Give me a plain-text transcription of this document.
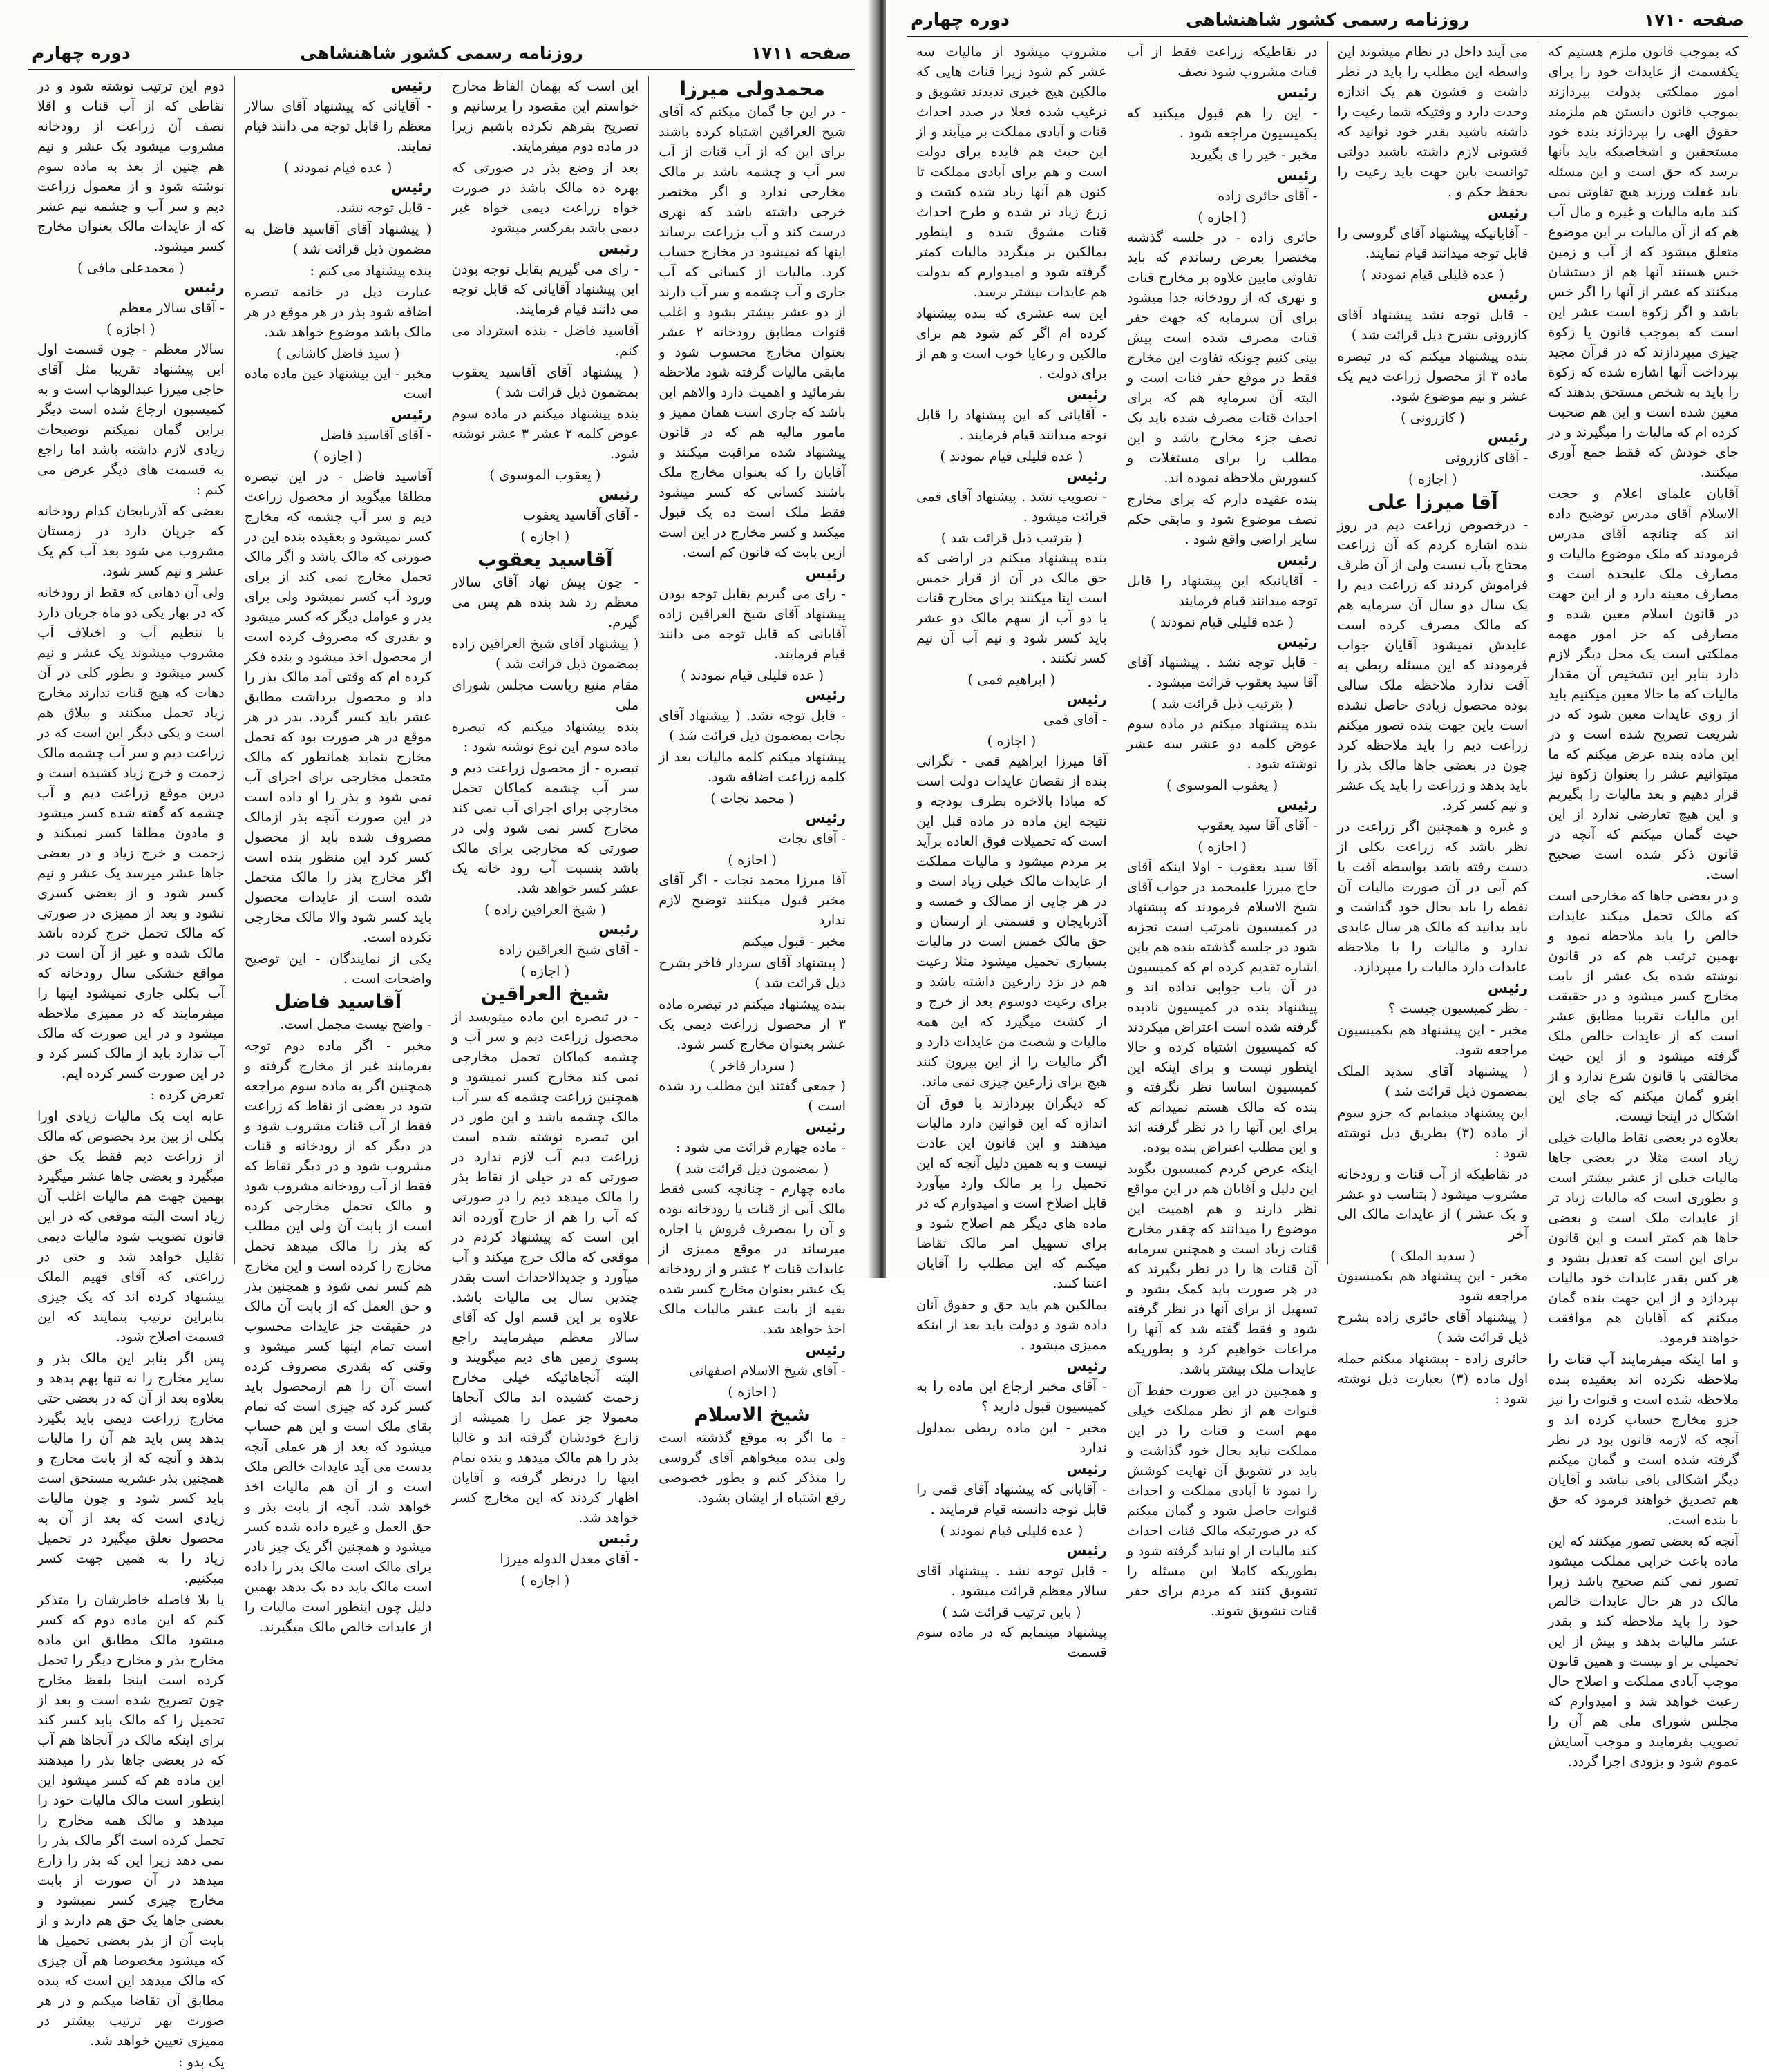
صفحه ۱۷۱۱
روزنامه رسمی کشور شاهنشاهی
دوره چهارم
محمدولی میرزا

- در این جا گمان میکنم که آقای شیخ العراقین اشتباه کرده باشند برای این که از آب قنات از آب سر آب و چشمه باشد بر مالک مخارجی ندارد و اگر مختصر خرجی داشته باشد که نهری درست کند و آب بزراعت برساند اینها که نمیشود در مخارج حساب کرد. مالیات از کسانی که آب جاری و آب چشمه و سر آب دارند از دو عشر بیشتر بشود و اغلب قنوات مطابق رودخانه ۲ عشر بعنوان مخارج محسوب شود و مابقی مالیات گرفته شود ملاحظه بفرمائید و اهمیت دارد والاهم این باشد که جاری است همان ممیز و مامور مالیه هم که در قانون پیشنهاد شده مراقبت میکنند و آقایان را که بعنوان مخارج ملک باشند کسانی که کسر میشود فقط ملک است ده یک قبول میکنند و کسر مخارج در این است ازین بابت که قانون کم است.

رئیس

- رای می گیریم بقابل توجه بودن پیشنهاد آقای شیخ العراقین زاده آقایانی که قابل توجه می دانند قیام فرمایند.

( عده قلیلی قیام نمودند )
رئیس

- قابل توجه نشد. ( پیشنهاد آقای نجات بمضمون ذیل قرائت شد )

پیشنهاد میکنم کلمه مالیات بعد از کلمه زراعت اضافه شود.

( محمد نجات )
رئیس

- آقای نجات

( اجازه )

آقا میرزا محمد نجات - اگر آقای مخبر قبول میکنند توضیح لازم ندارد

مخبر - قبول میکنم

( پیشنهاد آقای سردار فاخر بشرح ذیل قرائت شد )

بنده پیشنهاد میکنم در تبصره ماده ۳ از محصول زراعت دیمی یک عشر بعنوان مخارج کسر شود.

( سردار فاخر )

( جمعی گفتند این مطلب رد شده است )

رئیس

- ماده چهارم قرائت می شود :

( بمضمون ذیل قرائت شد )

ماده چهارم - چنانچه کسی فقط مالک آبی از قنات یا رودخانه بوده و آن را بمصرف فروش یا اجاره میرساند در موقع ممیزی از عایدات قنات ۲ عشر و از رودخانه یک عشر بعنوان مخارج کسر شده بقیه از بابت عشر مالیات مالک اخذ خواهد شد.

رئیس

- آقای شیخ الاسلام اصفهانی

( اجازه )
شیخ الاسلام

- ما اگر به موقع گذشته است ولی بنده میخواهم آقای گروسی را متذکر کنم و بطور خصوصی رفع اشتباه از ایشان بشود.

این است که بهمان الفاظ مخارج خواستم این مقصود را برسانیم و تصریح بقرهم نکرده باشیم زیرا در ماده دوم میفرمایند.

بعد از وضع بذر در صورتی که بهره ده مالک باشد در صورت خواه زراعت دیمی خواه غیر دیمی باشد بقرکسر میشود

رئیس

- رای می گیریم بقابل توجه بودن این پیشنهاد آقایانی که قابل توجه می دانند قیام فرمایند.

آقاسید فاضل - بنده استرداد می کنم.

( پیشنهاد آقای آقاسید یعقوب بمضمون ذیل قرائت شد )

بنده پیشنهاد میکنم در ماده سوم عوض کلمه ۲ عشر ۳ عشر نوشته شود.

( یعقوب الموسوی )
رئیس

- آقای آقاسید یعقوب

( اجازه )
آقاسید یعقوب

- چون پیش نهاد آقای سالار معظم رد شد بنده هم پس می گیرم.

( پیشنهاد آقای شیخ العراقین زاده بمضمون ذیل قرائت شد )

مقام منیع ریاست مجلس شورای ملی

بنده پیشنهاد میکنم که تبصره ماده سوم این نوع نوشته شود :

تبصره - از محصول زراعت دیم و سر آب چشمه کماکان تحمل مخارجی برای اجرای آب نمی کند مخارج کسر نمی شود ولی در صورتی که مخارجی برای مالک باشد بنسبت آب رود خانه یک عشر کسر خواهد شد.

( شیخ العراقین زاده )
رئیس

- آقای شیخ العراقین زاده

( اجازه )
شیخ العراقین

- در تبصره این ماده مینویسد از محصول زراعت دیم و سر آب و چشمه کماکان تحمل مخارجی نمی کند مخارج کسر نمیشود و همچنین زراعت چشمه که سر آب مالک چشمه باشد و این طور در این تبصره نوشته شده است زراعت دیم آب لازم ندارد در صورتی که در خیلی از نقاط بذر را مالک میدهد دیم را در صورتی که آب را هم از خارج آورده اند این است که پیشنهاد کردم در موقعی که مالک خرج میکند و آب میآورد و جدیدالاحداث است بقدر چندین سال بی مالیات باشد. علاوه بر این قسم اول که آقای سالار معظم میفرمایند راجع بسوی زمین های دیم میگویند و البته آنجاهائیکه خیلی مخارج زحمت کشیده اند مالک آنجاها معمولا جز عمل را همیشه از زارع خودشان گرفته اند و غالبا بذر را هم مالک میدهد و بنده تمام اینها را درنظر گرفته و آقایان اظهار کردند که این مخارج کسر خواهد شد.

رئیس

- آقای معدل الدوله میرزا

( اجازه )
رئیس

- آقایانی که پیشنهاد آقای سالار معظم را قابل توجه می دانند قیام نمایند.

( عده قیام نمودند )
رئیس

- قابل توجه نشد.

( پیشنهاد آقای آقاسید فاضل به مضمون ذیل قرائت شد )

بنده پیشنهاد می کنم :

عبارت ذیل در خاتمه تبصره اضافه شود بذر در هر موقع در هر مالک باشد موضوع خواهد شد.

( سید فاضل کاشانی )

مخبر - این پیشنهاد عین ماده ماده است

رئیس

- آقای آقاسید فاضل

( اجازه )

آقاسید فاضل - در این تبصره مطلقا میگوید از محصول زراعت دیم و سر آب چشمه که مخارج کسر نمیشود و بعقیده بنده این در صورتی که مالک باشد و اگر مالک تحمل مخارج نمی کند از برای ورود آب کسر نمیشود ولی برای بذر و عوامل دیگر که کسر میشود و بقدری که مصروف کرده است از محصول اخذ میشود و بنده فکر کرده ام که وقتی آمد مالک بذر را داد و محصول برداشت مطابق عشر باید کسر گردد. بذر در هر موقع در هر صورت بود که تحمل مخارج بنماید همانطور که مالک متحمل مخارجی برای اجرای آب نمی شود و بذر را او داده است در این صورت آنچه بذر ازمالک مصروف شده باید از محصول کسر کرد این منظور بنده است اگر مخارج بذر را مالک متحمل شده است از عایدات محصول باید کسر شود والا مالک مخارجی نکرده است.

یکی از نمایندگان - این توضیح واضحات است .

آقاسید فاضل

- واضح نیست مجمل است.

مخبر - اگر ماده دوم توجه بفرمایند غیر از مخارج گرفته و همچنین اگر به ماده سوم مراجعه شود در بعضی از نقاط که زراعت فقط از آب قنات مشروب شود و در دیگر که از رودخانه و قنات مشروب شود و در دیگر نقاط که فقط از آب رودخانه مشروب شود و مالک تحمل مخارجی کرده است از بابت آن ولی این مطلب که بذر را مالک میدهد تحمل مخارج را کرده است و این مخارج هم کسر نمی شود و همچنین بذر و حق العمل که از بابت آن مالک در حقیقت جز عایدات محسوب است تمام اینها کسر میشود و وقتی که بقدری مصروف کرده است آن را هم ازمحصول باید کسر کرد که چیزی است که تمام بقای ملک است و این هم حساب میشود که بعد از هر عملی آنچه بدست می آید عایدات خالص ملک است و از آن هم مالیات اخذ خواهد شد. آنچه از بابت بذر و حق العمل و غیره داده شده کسر میشود و همچنین اگر یک چیز نادر برای مالک است مالک بذر را داده است مالک باید ده یک بدهد بهمین دلیل چون اینطور است مالیات را از عایدات خالص مالک میگیرند.

دوم این ترتیب نوشته شود و در نقاطی که از آب قنات و اقلا نصف آن زراعت از رودخانه مشروب میشود یک عشر و نیم هم چنین از بعد به ماده سوم نوشته شود و از معمول زراعت دیم و سر آب و چشمه نیم عشر که از عایدات مالک بعنوان مخارج کسر میشود.

( محمدعلی مافی )
رئیس

- آقای سالار معظم

( اجازه )

سالار معظم - چون قسمت اول این پیشنهاد تقریبا مثل آقای حاجی میرزا عبدالوهاب است و به کمیسیون ارجاع شده است دیگر براین گمان نمیکنم توضیحات زیادی لازم داشته باشد اما راجع به قسمت های دیگر عرض می کنم :

بعضی که آذربایجان کدام رودخانه که جریان دارد در زمستان مشروب می شود بعد آب کم یک عشر و نیم کسر شود.

ولی آن دهاتی که فقط از رودخانه که در بهار یکی دو ماه جریان دارد با تنظیم آب و اختلاف آب مشروب میشوند یک عشر و نیم کسر میشود و بطور کلی در آن دهات که هیچ قنات ندارند مخارج زیاد تحمل میکنند و بیلاق هم است و یکی دیگر این است که در زراعت دیم و سر آب چشمه مالک زحمت و خرج زیاد کشیده است و درین موقع زراعت دیم و آب چشمه که گفته شده کسر میشود و مادون مطلقا کسر نمیکند و زحمت و خرج زیاد و در بعضی جاها عشر میرسد یک عشر و نیم کسر شود و از بعضی کسری نشود و بعد از ممیزی در صورتی که مالک تحمل خرج کرده باشد مالک شده و غیر از آن است در مواقع خشکی سال رودخانه که آب بکلی جاری نمیشود اینها را میفرمایند که در ممیزی ملاحظه میشود و در این صورت که مالک آب ندارد باید از مالک کسر کرد و در این صورت کسر کرده ایم.

تعرض کرده :

عابه ایت یک مالیات زیادی اورا بکلی از بین برد بخصوص که مالک از زراعت دیم فقط یک حق میگیرد و بعضی جاها عشر میگیرد بهمین جهت هم مالیات اغلب آن زیاد است البته موقعی که در این قانون تصویب شود مالیات دیمی تقلیل خواهد شد و حتی در زراعتی که آقای قهیم الملک پیشنهاد کرده اند که یک چیزی بنابراین ترتیب بنمایند که این قسمت اصلاح شود.

پس اگر بنابر این مالک بذر و سایر مخارج را نه تنها بهم بدهد و بعلاوه بعد از آن که در بعضی حتی مخارج زراعت دیمی باید بگیرد بدهد پس باید هم آن را مالیات بدهد و آنچه که از بابت مخارج و همچنین بذر عشریه مستحق است باید کسر شود و چون مالیات زیادی است که بعد از آن به محصول تعلق میگیرد در تحمیل زیاد را به همین جهت کسر میکنیم.

یا بلا فاصله خاطرشان را متذکر کنم که این ماده دوم که کسر میشود مالک مطابق این ماده مخارج بذر و مخارج دیگر را تحمل کرده است اینجا بلفظ مخارج چون تصریح شده است و بعد از تحمیل را که مالک باید کسر کند برای اینکه مالک در آنجاها هم آب که در بعضی جاها بذر را میدهند این ماده هم که کسر میشود این اینطور است مالک مالیات خود را میدهد و مالک همه مخارج را تحمل کرده است اگر مالک بذر را نمی دهد زیرا این که بذر را زارع میدهد در آن صورت از بابت مخارج چیزی کسر نمیشود و بعضی جاها یک حق هم دارند و از بابت آن از بذر بعضی تحمیل ها که میشود مخصوصا هم آن چیزی که مالک میدهد این است که بنده مطابق آن تقاضا میکنم و در هر صورت بهر ترتیب بیشتر در ممیزی تعیین خواهد شد.

یک بدو :

صفحه ۱۷۱۰
روزنامه رسمی کشور شاهنشاهی
دوره چهارم

که بموجب قانون ملزم هستیم که یکقسمت از عایدات خود را برای امور مملکتی بدولت بپردازند بموجب قانون دانستن هم ملزمند حقوق الهی را بپردازند بنده خود مستحقین و اشخاصیکه باید بآنها برسد که حق است و این مسئله باید غفلت ورزید هیچ تفاوتی نمی کند مایه مالیات و غیره و مال آب هم که از آن مالیات بر این موضوع متعلق میشود که از آب و زمین خس هستند آنها هم از دستشان میکنند که عشر از آنها را اگر خس باشد و اگر زکوة است عشر این است که بموجب قانون یا زکوة چیزی میپردازند که در قرآن مجید بپرداخت آنها اشاره شده که زکوة را باید به شخص مستحق بدهند که معین شده است و این هم صحبت کرده ام که مالیات را میگیرند و در جای خودش که فقط جمع آوری میکنند.

آقایان علمای اعلام و حجت الاسلام آقای مدرس توضیح داده اند که چنانچه آقای مدرس فرمودند که ملک موضوع مالیات و مصارف ملک علیحده است و مصارف معینه دارد و از این جهت در قانون اسلام معین شده و مصارفی که جز امور مهمه مملکتی است یک محل دیگر لازم دارد بنابر این تشخیص آن مقدار مالیات که ما حالا معین میکنیم باید از روی عایدات معین شود که در شریعت تصریح شده است و در این ماده بنده عرض میکنم که ما میتوانیم عشر را بعنوان زکوة نیز قرار دهیم و بعد مالیات را بگیریم و این هیچ تعارضی ندارد از این حیث گمان میکنم که آنچه در قانون ذکر شده است صحیح است.

و در بعضی جاها که مخارجی است که مالک تحمل میکند عایدات خالص را باید ملاحظه نمود و بهمین ترتیب هم که در قانون نوشته شده یک عشر از بابت مخارج کسر میشود و در حقیقت این مالیات تقریبا مطابق عشر است که از عایدات خالص ملک گرفته میشود و از این حیث مخالفتی با قانون شرع ندارد و از اینرو گمان میکنم که جای این اشکال در اینجا نیست.

بعلاوه در بعضی نقاط مالیات خیلی زیاد است مثلا در بعضی جاها مالیات خیلی از عشر بیشتر است و بطوری است که مالیات زیاد تر از عایدات ملک است و بعضی جاها هم کمتر است و این قانون برای این است که تعدیل بشود و هر کس بقدر عایدات خود مالیات بپردازد و از این جهت بنده گمان میکنم که آقایان هم موافقت خواهند فرمود.

و اما اینکه میفرمایند آب قنات را ملاحظه نکرده اند بعقیده بنده ملاحظه شده است و قنوات را نیز جزو مخارج حساب کرده اند و آنچه که لازمه قانون بود در نظر گرفته شده است و گمان میکنم دیگر اشکالی باقی نباشد و آقایان هم تصدیق خواهند فرمود که حق با بنده است.

آنچه که بعضی تصور میکنند که این ماده باعث خرابی مملکت میشود تصور نمی کنم صحیح باشد زیرا مالک در هر حال عایدات خالص خود را باید ملاحظه کند و بقدر عشر مالیات بدهد و بیش از این تحمیلی بر او نیست و همین قانون موجب آبادی مملکت و اصلاح حال رعیت خواهد شد و امیدوارم که مجلس شورای ملی هم آن را تصویب بفرمایند و موجب آسایش عموم شود و بزودی اجرا گردد.

می آیند داخل در نظام میشوند این واسطه این مطلب را باید در نظر داشت و قشون هم یک اندازه وحدت دارد و وقتیکه شما رعیت را داشته باشید بقدر خود نوانید که قشونی لازم داشته باشید دولتی توانست باین جهت باید رعیت را بحفظ حکم و .

رئیس

- آقایانیکه پیشنهاد آقای گروسی را قابل توجه میدانند قیام نمایند.

( عده قلیلی قیام نمودند )
رئیس

- قابل توجه نشد پیشنهاد آقای کازرونی بشرح ذیل قرائت شد )

بنده پیشنهاد میکنم که در تبصره ماده ۳ از محصول زراعت دیم یک عشر و نیم موضوع شود.

( کازرونی )
رئیس

- آقای کازرونی

( اجازه )
آقا میرزا علی

- درخصوص زراعت دیم در روز بنده اشاره کردم که آن زراعت محتاج بآب نیست ولی از آن طرف فراموش کردند که زراعت دیم را یک سال دو سال آن سرمایه هم که مالک مصرف کرده است عایدش نمیشود آقایان جواب فرمودند که این مسئله ربطی به آفت ندارد ملاحظه ملک سالی بوده محصول زیادی حاصل نشده است باین جهت بنده تصور میکنم زراعت دیم را باید ملاحظه کرد چون در بعضی جاها مالک بذر را باید بدهد و زراعت را باید یک عشر و نیم کسر کرد.

و غیره و همچنین اگر زراعت در نظر باشد که زراعت بکلی از دست رفته باشد بواسطه آفت یا کم آبی در آن صورت مالیات آن نقطه را باید بحال خود گذاشت و باید بدانید که مالک هر سال عایدی ندارد و مالیات را با ملاحظه عایدات دارد مالیات را میپردازد.

رئیس

- نظر کمیسیون چیست ؟

مخبر - این پیشنهاد هم بکمیسیون مراجعه شود.

( پیشنهاد آقای سدید الملک بمضمون ذیل قرائت شد )

این پیشنهاد مینمایم که جزو سوم از ماده (۳) بطریق ذیل نوشته شود :

در نقاطیکه از آب قنات و رودخانه مشروب میشود ( بتناسب دو عشر و یک عشر ) از عایدات مالک الی آخر

( سدید الملک )

مخبر - این پیشنهاد هم بکمیسیون مراجعه شود

( پیشنهاد آقای حائری زاده بشرح ذیل قرائت شد )

حائری زاده - پیشنهاد میکنم جمله اول ماده (۳) بعبارت ذیل نوشته شود :

در نقاطیکه زراعت فقط از آب قنات مشروب شود نصف

رئیس

- این را هم قبول میکنید که بکمیسیون مراجعه شود .

مخبر - خیر را ی بگیرید

رئیس

- آقای حائری زاده

( اجازه )

حائری زاده - در جلسه گذشته مختصرا بعرض رساندم که باید تفاوتی مابین علاوه بر مخارج قنات و نهری که از رودخانه جدا میشود برای آن سرمایه که جهت حفر قنات مصرف شده است پیش بینی کنیم چونکه تفاوت این مخارج فقط در موقع حفر قنات است و البته آن سرمایه هم که برای احداث قنات مصرف شده باید یک نصف جزء مخارج باشد و این مطلب را برای مستغلات و کسورش ملاحظه نموده اند.

بنده عقیده دارم که برای مخارج نصف موضوع شود و مابقی حکم سایر اراضی واقع شود .

رئیس

- آقایانیکه این پیشنهاد را قابل توجه میدانند قیام فرمایند

( عده قلیلی قیام نمودند )
رئیس

- قابل توجه نشد . پیشنهاد آقای آقا سید یعقوب قرائت میشود .

( بترتیب ذیل قرائت شد )

بنده پیشنهاد میکنم در ماده سوم عوض کلمه دو عشر سه عشر نوشته شود .

( یعقوب الموسوی )
رئیس

- آقای آقا سید یعقوب

( اجازه )

آقا سید یعقوب - اولا اینکه آقای حاج میرزا علیمحمد در جواب آقای شیخ الاسلام فرمودند که پیشنهاد در کمیسیون نامرتب است تجزیه شود در جلسه گذشته بنده هم باین اشاره تقدیم کرده ام که کمیسیون در آن باب جوابی نداده اند و پیشنهاد بنده در کمیسیون نادیده گرفته شده است اعتراض میکردند که کمیسیون اشتباه کرده و حالا اینطور نیست و برای اینکه این کمیسیون اساسا نظر نگرفته و بنده که مالک هستم نمیدانم که برای این آنها را در نظر گرفته اند و این مطلب اعتراض بنده بوده.

اینکه عرض کردم کمیسیون بگوید این دلیل و آقایان هم در این مواقع نظر دارند و هم اهمیت این موضوع را میدانند که چقدر مخارج قنات زیاد است و همچنین سرمایه آن قنات ها را در نظر بگیرند که در هر صورت باید کمک بشود و تسهیل از برای آنها در نظر گرفته شود و فقط گفته شد که آنها را مراعات خواهیم کرد و بطوریکه عایدات ملک بیشتر باشد.

و همچنین در این صورت حفظ آن قنوات هم از نظر مملکت خیلی مهم است و قنات را در این مملکت نباید بحال خود گذاشت و باید در تشویق آن نهایت کوشش را نمود تا آبادی مملکت و احداث قنوات حاصل شود و گمان میکنم که در صورتیکه مالک قنات احداث کند مالیات از او نباید گرفته شود و بطوریکه کاملا این مسئله را تشویق کنند که مردم برای حفر قنات تشویق شوند.

مشروب میشود از مالیات سه عشر کم شود زیرا قنات هایی که مالکین هیچ خیری ندیدند تشویق و ترغیب شده فعلا در صدد احداث قنات و آبادی مملکت بر میآیند و از این حیث هم فایده برای دولت است و هم برای آبادی مملکت تا کنون هم آنها زیاد شده کشت و زرع زیاد تر شده و طرح احداث قنات مشوق شده و اینطور بمالکین بر میگردد مالیات کمتر گرفته شود و امیدوارم که بدولت هم عایدات بیشتر برسد.

این سه عشری که بنده پیشنهاد کرده ام اگر کم شود هم برای مالکین و رعایا خوب است و هم از برای دولت .

رئیس

- آقایانی که این پیشنهاد را قابل توجه میدانند قیام فرمایند .

( عده قلیلی قیام نمودند )
رئیس

- تصویب نشد . پیشنهاد آقای قمی قرائت میشود .

( بترتیب ذیل قرائت شد )

بنده پیشنهاد میکنم در اراضی که حق مالک در آن از قرار خمس است اینا میکنند برای مخارج قنات یا دو آب از سهم مالک دو عشر باید کسر شود و نیم آب آن نیم کسر نکنند .

( ابراهیم قمی )
رئیس

- آقای قمی

( اجازه )

آقا میرزا ابراهیم قمی - نگرانی بنده از نقصان عایدات دولت است که مبادا بالاخره بطرف بودجه و نتیجه این ماده در ماده قبل این است که تحمیلات فوق العاده برآید بر مردم میشود و مالیات مملکت از عایدات مالک خیلی زیاد است و در هر جایی از ممالک و خمسه و آذربایجان و قسمتی از ارستان و حق مالک خمس است در مالیات بسیاری تحمیل میشود مثلا رعیت هم در نزد زارعین داشته باشد و برای رعیت دوسوم بعد از خرج و از کشت میگیرد که این همه مالیات و شصت من عایدات دارد و اگر مالیات را از این بیرون کنند هیچ برای زارعین چیزی نمی ماند.

که دیگران بپردازند با فوق آن اندازه که این قوانین دارد مالیات میدهند و این قانون این عادت نیست و به همین دلیل آنچه که این تحمیل را بر مالک وارد میآورد قابل اصلاح است و امیدوارم که در ماده های دیگر هم اصلاح شود و برای تسهیل امر مالک تقاضا میکنم که این مطلب را آقایان اعتنا کنند.

بمالکین هم باید حق و حقوق آنان داده شود و دولت باید بعد از اینکه ممیزی میشود .

رئیس

- آقای مخبر ارجاع این ماده را به کمیسیون قبول دارید ؟

مخبر - این ماده ربطی بمدلول ندارد

رئیس

- آقایانی که پیشنهاد آقای قمی را قابل توجه دانسته قیام فرمایند .

( عده قلیلی قیام نمودند )
رئیس

- قابل توجه نشد . پیشنهاد آقای سالار معظم قرائت میشود .

( باین ترتیب قرائت شد )

پیشنهاد مینمایم که در ماده سوم قسمت
